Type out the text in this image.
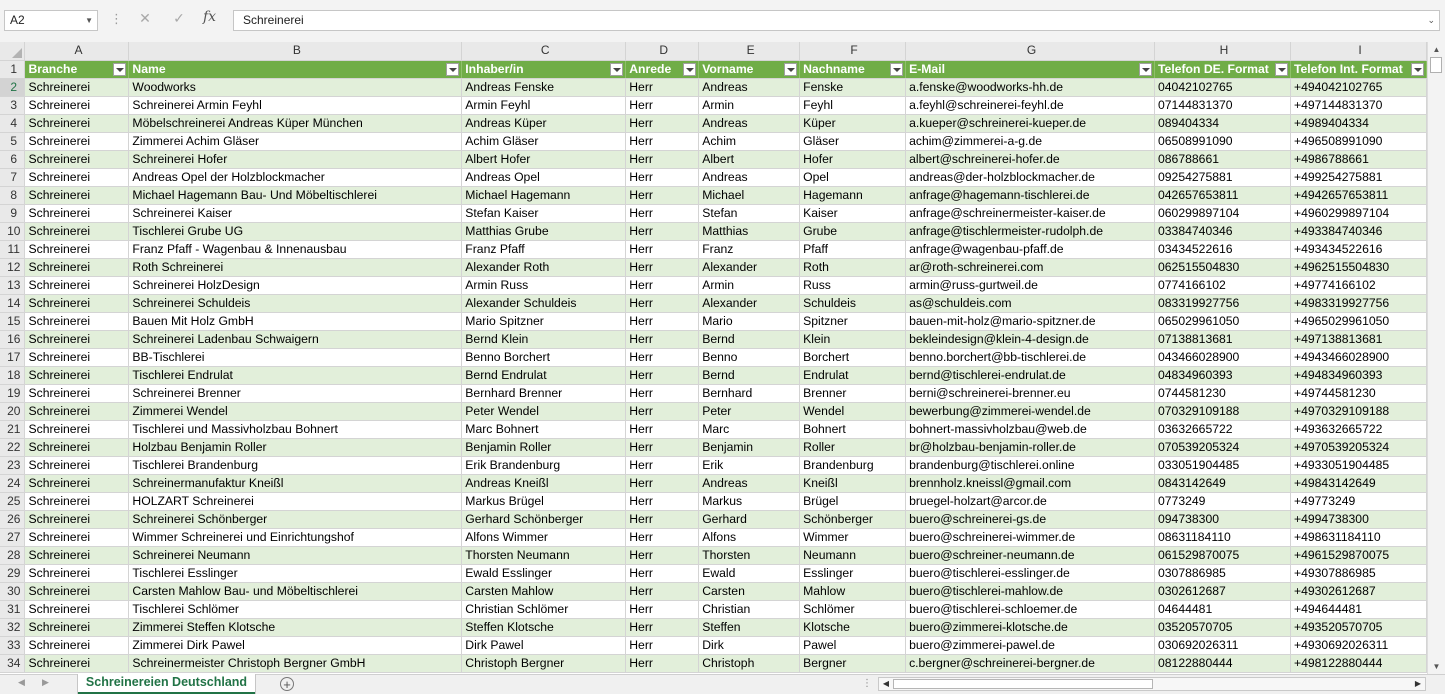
A2	▼ ⋮ ✕ ✓ fx	Schreinerei	⌄
	A	B	C	D	E	F	G	H	I
1	Branche	Name	Inhaber/in	Anrede	Vorname	Nachname	E-Mail	Telefon DE. Format	Telefon Int. Format

2	Schreinerei	Woodworks	Andreas Fenske	Herr	Andreas	Fenske	a.fenske@woodworks-hh.de	04042102765	+494042102765
3	Schreinerei	Schreinerei Armin Feyhl	Armin Feyhl	Herr	Armin	Feyhl	a.feyhl@schreinerei-feyhl.de	07144831370	+497144831370
4	Schreinerei	Möbelschreinerei Andreas Küper München	Andreas Küper	Herr	Andreas	Küper	a.kueper@schreinerei-kueper.de	089404334	+4989404334
5	Schreinerei	Zimmerei Achim Gläser	Achim Gläser	Herr	Achim	Gläser	achim@zimmerei-a-g.de	06508991090	+496508991090
6	Schreinerei	Schreinerei Hofer	Albert Hofer	Herr	Albert	Hofer	albert@schreinerei-hofer.de	086788661	+4986788661
7	Schreinerei	Andreas Opel der Holzblockmacher	Andreas Opel	Herr	Andreas	Opel	andreas@der-holzblockmacher.de	09254275881	+499254275881
8	Schreinerei	Michael Hagemann Bau- Und Möbeltischlerei	Michael Hagemann	Herr	Michael	Hagemann	anfrage@hagemann-tischlerei.de	042657653811	+4942657653811
9	Schreinerei	Schreinerei Kaiser	Stefan Kaiser	Herr	Stefan	Kaiser	anfrage@schreinermeister-kaiser.de	060299897104	+4960299897104
10	Schreinerei	Tischlerei Grube UG	Matthias Grube	Herr	Matthias	Grube	anfrage@tischlermeister-rudolph.de	03384740346	+493384740346
11	Schreinerei	Franz Pfaff - Wagenbau & Innenausbau	Franz Pfaff	Herr	Franz	Pfaff	anfrage@wagenbau-pfaff.de	03434522616	+493434522616
12	Schreinerei	Roth Schreinerei	Alexander Roth	Herr	Alexander	Roth	ar@roth-schreinerei.com	062515504830	+4962515504830
13	Schreinerei	Schreinerei HolzDesign	Armin Russ	Herr	Armin	Russ	armin@russ-gurtweil.de	0774166102	+49774166102
14	Schreinerei	Schreinerei Schuldeis	Alexander Schuldeis	Herr	Alexander	Schuldeis	as@schuldeis.com	083319927756	+4983319927756
15	Schreinerei	Bauen Mit Holz GmbH	Mario Spitzner	Herr	Mario	Spitzner	bauen-mit-holz@mario-spitzner.de	065029961050	+4965029961050
16	Schreinerei	Schreinerei Ladenbau Schwaigern	Bernd Klein	Herr	Bernd	Klein	bekleindesign@klein-4-design.de	07138813681	+497138813681
17	Schreinerei	BB-Tischlerei	Benno Borchert	Herr	Benno	Borchert	benno.borchert@bb-tischlerei.de	043466028900	+4943466028900
18	Schreinerei	Tischlerei Endrulat	Bernd Endrulat	Herr	Bernd	Endrulat	bernd@tischlerei-endrulat.de	04834960393	+494834960393
19	Schreinerei	Schreinerei Brenner	Bernhard Brenner	Herr	Bernhard	Brenner	berni@schreinerei-brenner.eu	0744581230	+49744581230
20	Schreinerei	Zimmerei Wendel	Peter Wendel	Herr	Peter	Wendel	bewerbung@zimmerei-wendel.de	070329109188	+4970329109188
21	Schreinerei	Tischlerei und Massivholzbau Bohnert	Marc Bohnert	Herr	Marc	Bohnert	bohnert-massivholzbau@web.de	03632665722	+493632665722
22	Schreinerei	Holzbau Benjamin Roller	Benjamin Roller	Herr	Benjamin	Roller	br@holzbau-benjamin-roller.de	070539205324	+4970539205324
23	Schreinerei	Tischlerei Brandenburg	Erik Brandenburg	Herr	Erik	Brandenburg	brandenburg@tischlerei.online	033051904485	+4933051904485
24	Schreinerei	Schreinermanufaktur Kneißl	Andreas Kneißl	Herr	Andreas	Kneißl	brennholz.kneissl@gmail.com	0843142649	+49843142649
25	Schreinerei	HOLZART Schreinerei	Markus Brügel	Herr	Markus	Brügel	bruegel-holzart@arcor.de	0773249	+49773249
26	Schreinerei	Schreinerei Schönberger	Gerhard Schönberger	Herr	Gerhard	Schönberger	buero@schreinerei-gs.de	094738300	+4994738300
27	Schreinerei	Wimmer Schreinerei und Einrichtungshof	Alfons Wimmer	Herr	Alfons	Wimmer	buero@schreinerei-wimmer.de	08631184110	+498631184110
28	Schreinerei	Schreinerei Neumann	Thorsten Neumann	Herr	Thorsten	Neumann	buero@schreiner-neumann.de	061529870075	+4961529870075
29	Schreinerei	Tischlerei Esslinger	Ewald Esslinger	Herr	Ewald	Esslinger	buero@tischlerei-esslinger.de	0307886985	+49307886985
30	Schreinerei	Carsten Mahlow Bau- und Möbeltischlerei	Carsten Mahlow	Herr	Carsten	Mahlow	buero@tischlerei-mahlow.de	0302612687	+49302612687
31	Schreinerei	Tischlerei Schlömer	Christian Schlömer	Herr	Christian	Schlömer	buero@tischlerei-schloemer.de	04644481	+494644481
32	Schreinerei	Zimmerei Steffen Klotsche	Steffen Klotsche	Herr	Steffen	Klotsche	buero@zimmerei-klotsche.de	03520570705	+493520570705
33	Schreinerei	Zimmerei Dirk Pawel	Dirk Pawel	Herr	Dirk	Pawel	buero@zimmerei-pawel.de	030692026311	+4930692026311
34	Schreinerei	Schreinermeister Christoph Bergner GmbH	Christoph Bergner	Herr	Christoph	Bergner	c.bergner@schreinerei-bergner.de	08122880444	+498122880444
▲
▼
◀ ▶	Schreinereien Deutschland	+	⋮	◀	▶
